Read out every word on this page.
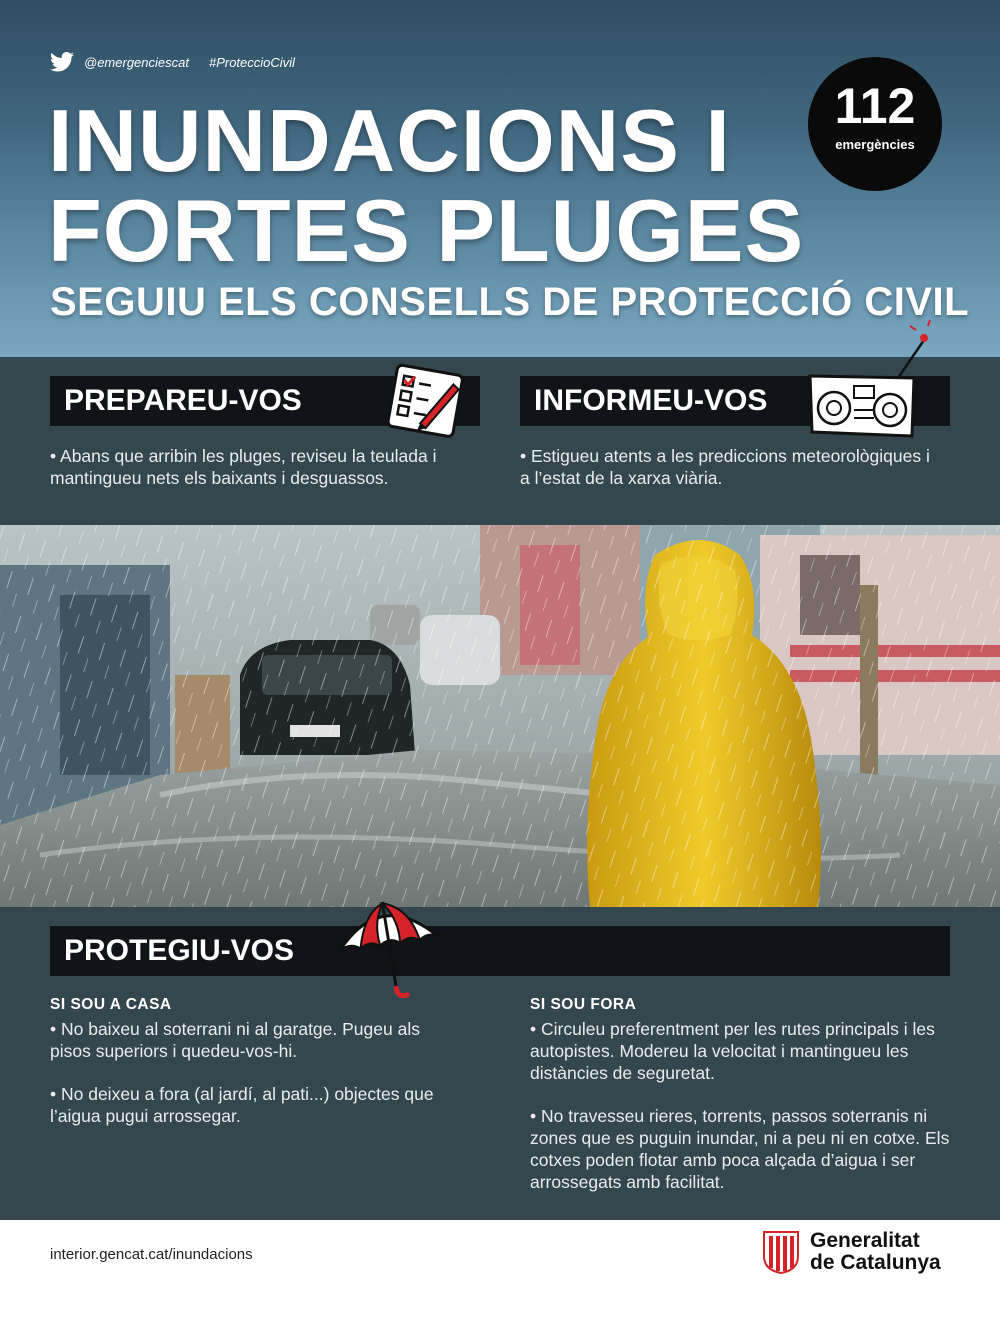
@emergenciescat #ProteccioCivil
INUNDACIONS I
FORTES PLUGES
SEGUIU ELS CONSELLS DE PROTECCIÓ CIVIL
112
emergències
PREPAREU-VOS
• Abans que arribin les pluges, reviseu la teulada i mantingueu nets els baixants i desguassos.
INFORMEU-VOS
• Estigueu atents a les prediccions meteorològiques i a l’estat de la xarxa viària.
PROTEGIU-VOS
SI SOU A CASA
• No baixeu al soterrani ni al garatge. Pugeu als pisos superiors i quedeu-vos-hi.
• No deixeu a fora (al jardí, al pati...) objectes que l’aigua pugui arrossegar.
SI SOU FORA
• Circuleu preferentment per les rutes principals i les autopistes. Modereu la velocitat i mantingueu les distàncies de seguretat.
• No travesseu rieres, torrents, passos soterranis ni zones que es puguin inundar, ni a peu ni en cotxe. Els cotxes poden flotar amb poca alçada d’aigua i ser arrossegats amb facilitat.
interior.gencat.cat/inundacions
Generalitat
de Catalunya
